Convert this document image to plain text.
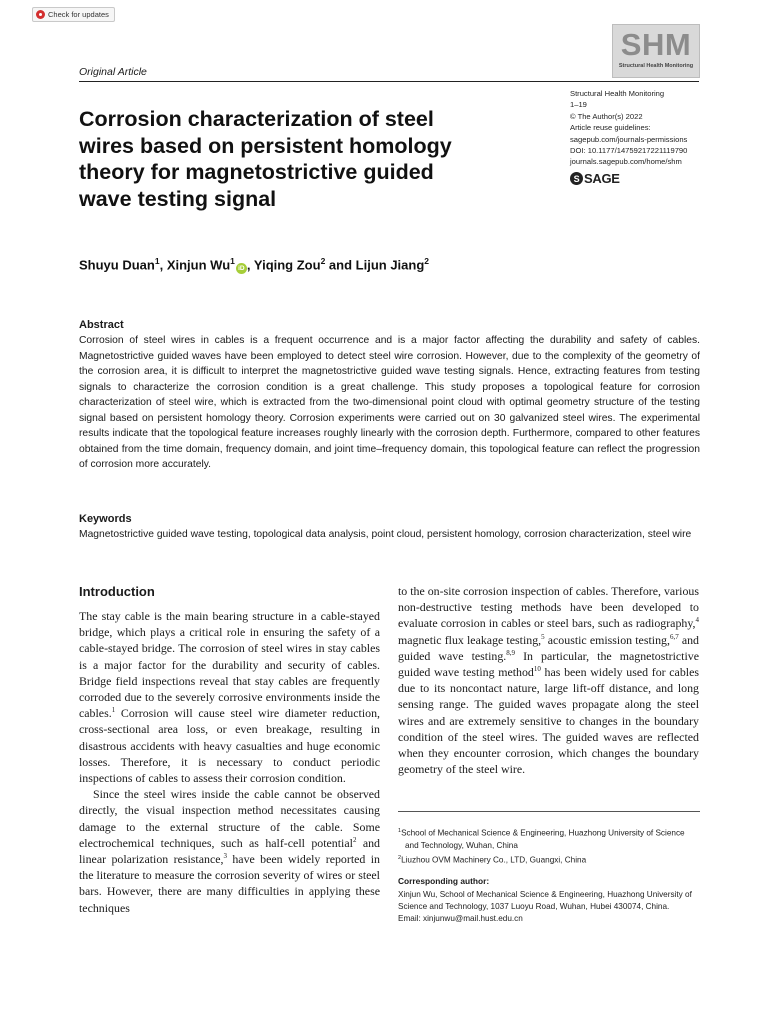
Check for updates
Original Article
SHM
Structural Health Monitoring
Structural Health Monitoring
1–19
© The Author(s) 2022
Article reuse guidelines:
sagepub.com/journals-permissions
DOI: 10.1177/14759217221119790
journals.sagepub.com/home/shm
S SAGE
Corrosion characterization of steel
wires based on persistent homology
theory for magnetostrictive guided
wave testing signal
Shuyu Duan$^1$, Xinjun Wu$^1$iD , Yiqing Zou$^2$ and Lijun Jiang$^2$
Abstract
Corrosion of steel wires in cables is a frequent occurrence and is a major factor affecting the durability and safety of cables. Magnetostrictive guided waves have been employed to detect steel wire corrosion. However, due to the complexity of the geometry of the corrosion area, it is difficult to interpret the magnetostrictive guided wave testing signals. Hence, extracting features from testing signals to characterize the corrosion condition is a great challenge. This study proposes a topological feature for corrosion characterization of steel wire, which is extracted from the two-dimensional point cloud with optimal geometry structure of the testing signal based on persistent homology theory. Corrosion experiments were carried out on 30 galvanized steel wires. The experimental results indicate that the topological feature increases roughly linearly with the corrosion depth. Furthermore, compared to other features obtained from the time domain, frequency domain, and joint time–frequency domain, this topological feature can reflect the progression of corrosion more accurately.
Keywords
Magnetostrictive guided wave testing, topological data analysis, point cloud, persistent homology, corrosion characterization, steel wire
Introduction

The stay cable is the main bearing structure in a cable-stayed bridge, which plays a critical role in ensuring the safety of a cable-stayed bridge. The corrosion of steel wires in stay cables is a major factor for the durability and security of cables. Bridge field inspections reveal that stay cables are frequently corroded due to the severely corrosive environments inside the cables.$^1$ Corrosion will cause steel wire diameter reduction, cross-sectional area loss, or even breakage, resulting in disastrous accidents with heavy casualties and huge economic losses. Therefore, it is necessary to conduct periodic inspections of cables to assess their corrosion condition.

Since the steel wires inside the cable cannot be observed directly, the visual inspection method necessitates causing damage to the external structure of the cable. Some electrochemical techniques, such as half-cell potential$^2$ and linear polarization resistance,$^3$ have been widely reported in the literature to measure the corrosion severity of wires or steel bars. However, there are many difficulties in applying these techniques

to the on-site corrosion inspection of cables. Therefore, various non-destructive testing methods have been developed to evaluate corrosion in cables or steel bars, such as radiography,$^4$ magnetic flux leakage testing,$^5$ acoustic emission testing,$^{6,7}$ and guided wave testing.$^{8,9}$ In particular, the magnetostrictive guided wave testing method$^{10}$ has been widely used for cables due to its noncontact nature, large lift-off distance, and long sensing range. The guided waves propagate along the steel wires and are extremely sensitive to changes in the boundary condition of the steel wires. The guided waves are reflected when they encounter corrosion, which changes the boundary geometry of the steel wire.

$^1$School of Mechanical Science & Engineering, Huazhong University of Science and Technology, Wuhan, China
$^2$Liuzhou OVM Machinery Co., LTD, Guangxi, China
Corresponding author:
Xinjun Wu, School of Mechanical Science & Engineering, Huazhong University of Science and Technology, 1037 Luoyu Road, Wuhan, Hubei 430074, China.
Email: xinjunwu@mail.hust.edu.cn
